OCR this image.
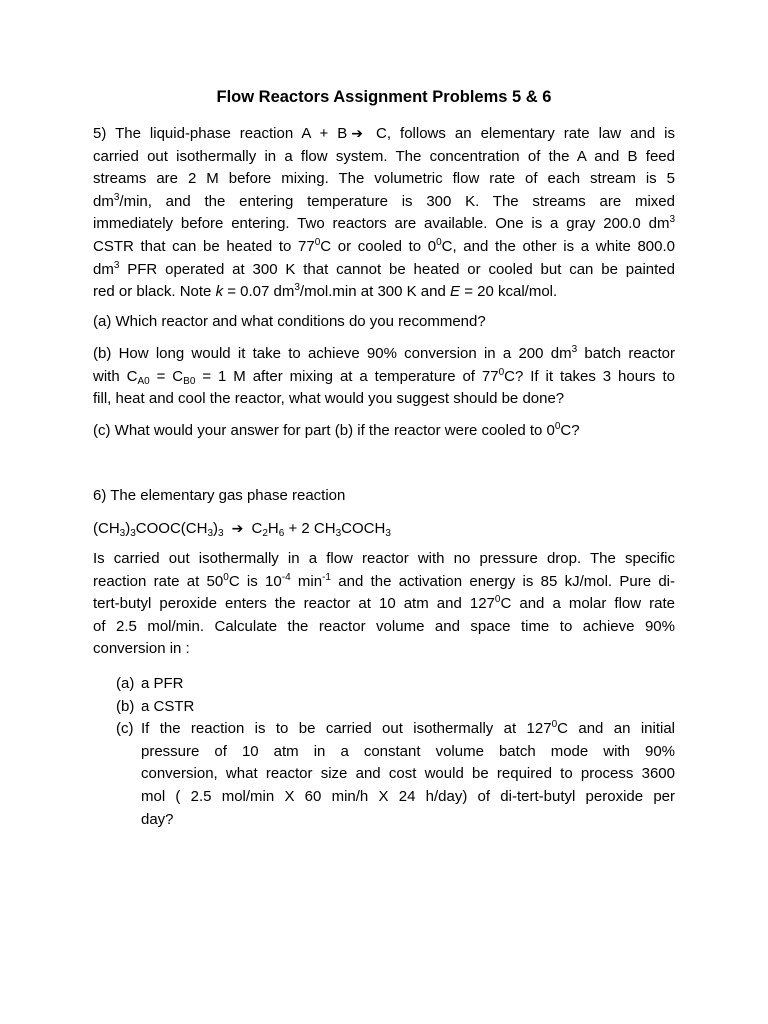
Flow Reactors Assignment Problems 5 & 6
5) The liquid-phase reaction A + B ➔ C, follows an elementary rate law and is
carried out isothermally in a flow system. The concentration of the A and B feed
streams are 2 M before mixing. The volumetric flow rate of each stream is 5
$dm^3/\min$, and the entering temperature is 300 K. The streams are mixed
immediately before entering. Two reactors are available. One is a gray 200.0 $dm^3$
CSTR that can be heated to $77^0C$ or cooled to $0^0C$, and the other is a white 800.0
$dm^3$ PFR operated at 300 K that cannot be heated or cooled but can be painted
red or black. Note k = 0.07 $dm^3/mol.\min$ at 300 K and E = 20 kcal/mol.
(a) Which reactor and what conditions do you recommend?
(b) How long would it take to achieve 90% conversion in a 200 $dm^3$ batch reactor
with $C_{A0} = C_{B0} = 1$ M after mixing at a temperature of $77^0C$? If it takes 3 hours to
fill, heat and cool the reactor, what would you suggest should be done?
(c) What would your answer for part (b) if the reactor were cooled to $0^0C$?
6) The elementary gas phase reaction
$(CH_3)_3COOC(CH_3)_3$ ➔ $C_2H_6 + 2$ $CH_3COCH_3$
Is carried out isothermally in a flow reactor with no pressure drop. The specific
reaction rate at $50^0C$ is $10^{-4}$ $\min^{-1}$ and the activation energy is 85 kJ/mol. Pure di-
tert-butyl peroxide enters the reactor at 10 atm and $127^0C$ and a molar flow rate
of 2.5 mol/min. Calculate the reactor volume and space time to achieve 90%
conversion in :
(a) a PFR
(b) a CSTR
(c) If the reaction is to be carried out isothermally at $127^0C$ and an initial
pressure of 10 atm in a constant volume batch mode with 90%
conversion, what reactor size and cost would be required to process 3600
mol ( 2.5 mol/min X 60 min/h X 24 h/day) of di-tert-butyl peroxide per
day?
